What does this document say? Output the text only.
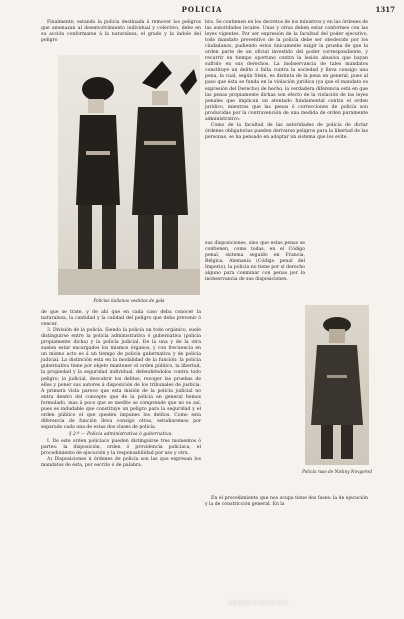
POLICIA	1317

Finalmente, estando la policía destinada á remover los peligros que amenazan al desenvolvimiento individual y colectivo, debe en su acción conformarse á la naturaleza, el grado y la índole del peligro

Policías italianos vestidos de gala

de que se trate, y de ahí que en cada caso deba conocer la naturaleza, la cantidad y la calidad del peligro que deba prevenir ó vencer.

3. División de la policía. Siendo la policía un todo orgánico, suele distinguirse entre la policía administrativa ó gubernativa (policía propiamente dicha) y la policía judicial. De la una y de la otra suelen estar encargados los mismos órganos, y con frecuencia en un mismo acto es á un tiempo de policía gubernativa y de policía judicial. La distinción está en la modalidad de la función: la policía gubernativa tiene por objeto mantener el orden público, la libertad, la propiedad y la seguridad individual, defendiéndolos contra todo peligro; la judicial, descubrir los delitos, recoger las pruebas de ellos y poner sus autores á disposición de los tribunales de justicia. A primera vista parece que esta misión de la policía judicial no entra dentro del concepto que de la policía en general hemos formulado, mas á poco que se medite se comprende que no es así, pues es indudable que constituye un peligro para la seguridad y el orden público el que queden impunes los delitos. Como esta diferencia de función lleva consigo otras, estudiaremos por separado cada una de estas dos clases de policía.

§ 2.º — Policía administrativa ó gubernativa.

I. De este orden policíaco pueden distinguirse tres momentos ó partes: la disposición, orden ó providencia policíaca, el procedimiento de ejecución y la responsabilidad por uso y otra.

A) Disposiciones ú órdenes de policía son las que expresan los mandatos de ésta, por escrito ó de palabra.

bra. Se contienen en los decretos de los ministros y en las órdenes de las autoridades locales. Unas y otras deben estar conformes con las leyes vigentes. Por ser expresión de la facultad del poder ejecutivo, todo mandato preventivo de la policía debe ser obedecido por los ciudadanos, pudiendo estos únicamente exigir la prueba de que la orden parte de un oficial investido del poder correspondiente, y recurrir en tiempo oportuno contra la lesión abusiva que hayan sufrido en sus derechos. La inobservancia de tales mandatos constituye un delito ó falta contra la sociedad y lleva consigo una pena, la cual, según Stein, es distinta de la pena en general, pues al paso que ésta se funda en la violación jurídica (ya que el mandato es expresión del Derecho) de hecho, la verdadera diferencia está en que las penas propiamente dichas son efecto de la violación de las leyes penales que implican un atentado fundamental contra el orden jurídico, mientras que las penas ó correcciones de policía son producidas por la contravención de una medida de orden puramente administrativo.

Como de la facultad de las autoridades de policía de dictar órdenes obligatorias pueden derivarse peligros para la libertad de las personas, se ha pensado en adoptar un sistema que los evite.

sus disposiciones, sino que estas penas se contienen, como todas, en el Código penal, sistema seguido en Francia, Bélgica, Alemania (Código penal del Imperio), la policía no tiene por sí derecho alguno para conminar con penas por la inobservancia de sus disposiciones.

Policía ruso de Nishny Novgorod

En el procedimiento que nos ocupa tiene dos fases: la de ejecución y la de constricción general. En la

todocoleccion
